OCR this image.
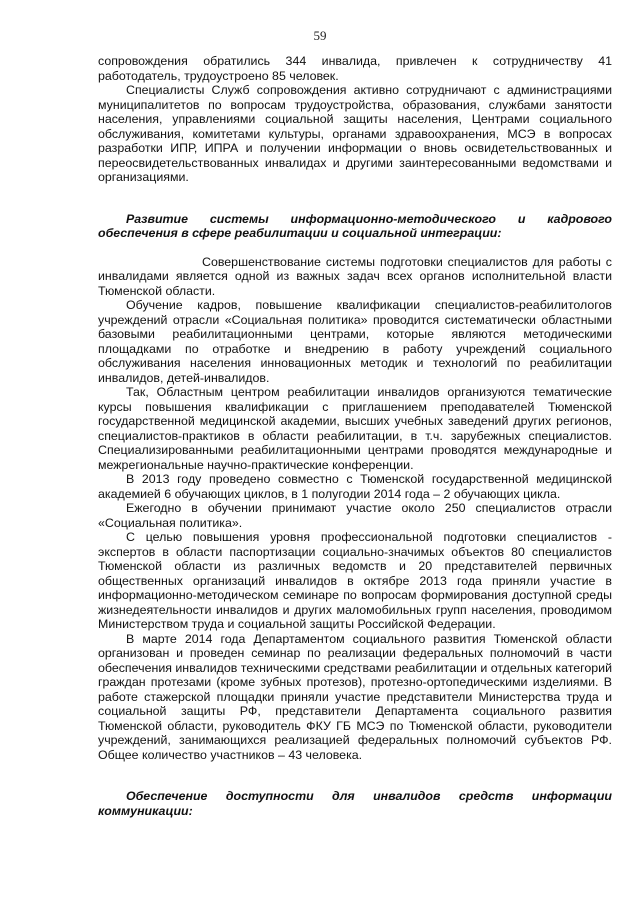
59

сопровождения обратились 344 инвалида, привлечен к сотрудничеству 41 работодатель, трудоустроено 85 человек.

Специалисты Служб сопровождения активно сотрудничают с администрациями муниципалитетов по вопросам трудоустройства, образования, службами занятости населения, управлениями социальной защиты населения, Центрами социального обслуживания, комитетами культуры, органами здравоохранения, МСЭ в вопросах разработки ИПР, ИПРА и получении информации о вновь освидетельствованных и переосвидетельствованных инвалидах и другими заинтересованными ведомствами и организациями.

Развитие системы информационно-методического и кадрового обеспечения в сфере реабилитации и социальной интеграции:

Совершенствование системы подготовки специалистов для работы с инвалидами является одной из важных задач всех органов исполнительной власти Тюменской области.

Обучение кадров, повышение квалификации специалистов-реабилитологов учреждений отрасли «Социальная политика» проводится систематически областными базовыми реабилитационными центрами, которые являются методическими площадками по отработке и внедрению в работу учреждений социального обслуживания населения инновационных методик и технологий по реабилитации инвалидов, детей-инвалидов.

Так, Областным центром реабилитации инвалидов организуются тематические курсы повышения квалификации с приглашением преподавателей Тюменской государственной медицинской академии, высших учебных заведений других регионов, специалистов-практиков в области реабилитации, в т.ч. зарубежных специалистов. Специализированными реабилитационными центрами проводятся международные и межрегиональные научно-практические конференции.

В 2013 году проведено совместно с Тюменской государственной медицинской академией 6 обучающих циклов, в 1 полугодии 2014 года – 2 обучающих цикла.

Ежегодно в обучении принимают участие около 250 специалистов отрасли «Социальная политика».

С целью повышения уровня профессиональной подготовки специалистов - экспертов в области паспортизации социально-значимых объектов 80 специалистов Тюменской области из различных ведомств и 20 представителей первичных общественных организаций инвалидов в октябре 2013 года приняли участие в информационно-методическом семинаре по вопросам формирования доступной среды жизнедеятельности инвалидов и других маломобильных групп населения, проводимом Министерством труда и социальной защиты Российской Федерации.

В марте 2014 года Департаментом социального развития Тюменской области организован и проведен семинар по реализации федеральных полномочий в части обеспечения инвалидов техническими средствами реабилитации и отдельных категорий граждан протезами (кроме зубных протезов), протезно-ортопедическими изделиями. В работе стажерской площадки приняли участие представители Министерства труда и социальной защиты РФ, представители Департамента социального развития Тюменской области, руководитель ФКУ ГБ МСЭ по Тюменской области, руководители учреждений, занимающихся реализацией федеральных полномочий субъектов РФ. Общее количество участников – 43 человека.

Обеспечение доступности для инвалидов средств информации коммуникации:
